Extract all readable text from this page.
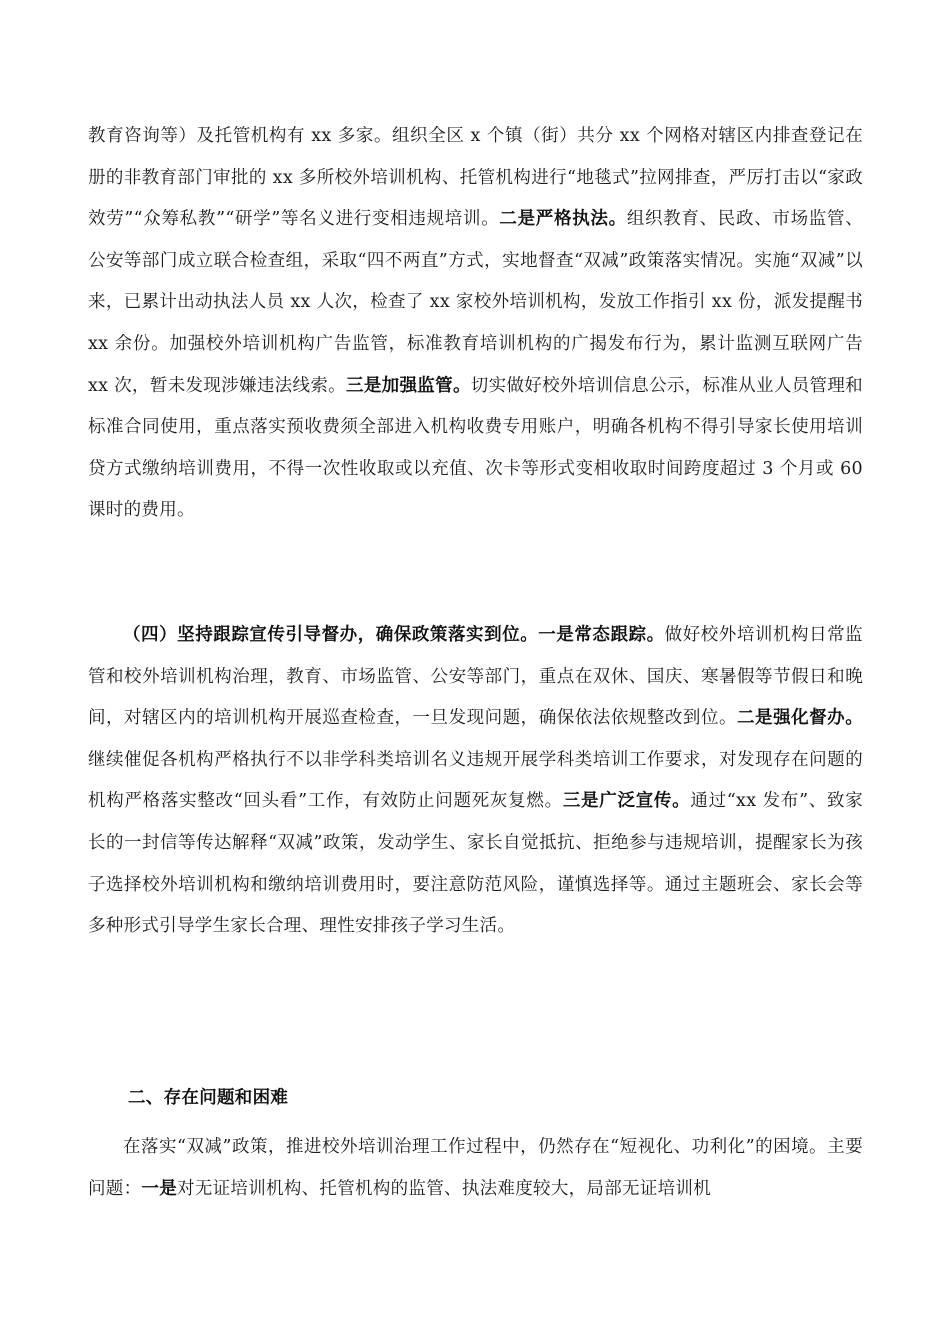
教育咨询等）及托管机构有 xx 多家。组织全区 x 个镇（街）共分 xx 个网格对辖区内排查登记在册的非教育部门审批的 xx 多所校外培训机构、托管机构进行“地毯式”拉网排查，严厉打击以“家政效劳”“众筹私教”“研学”等名义进行变相违规培训。二是严格执法。组织教育、民政、市场监管、公安等部门成立联合检查组，采取“四不两直”方式，实地督查“双减”政策落实情况。实施“双减”以来，已累计出动执法人员 xx 人次，检查了 xx 家校外培训机构，发放工作指引 xx 份，派发提醒书 xx 余份。加强校外培训机构广告监管，标准教育培训机构的广揭发布行为，累计监测互联网广告 xx 次，暂未发现涉嫌违法线索。三是加强监管。切实做好校外培训信息公示，标准从业人员管理和标准合同使用，重点落实预收费须全部进入机构收费专用账户，明确各机构不得引导家长使用培训贷方式缴纳培训费用，不得一次性收取或以充值、次卡等形式变相收取时间跨度超过 3 个月或 60 课时的费用。

（四）坚持跟踪宣传引导督办，确保政策落实到位。一是常态跟踪。做好校外培训机构日常监管和校外培训机构治理，教育、市场监管、公安等部门，重点在双休、国庆、寒暑假等节假日和晚间，对辖区内的培训机构开展巡查检查，一旦发现问题，确保依法依规整改到位。二是强化督办。继续催促各机构严格执行不以非学科类培训名义违规开展学科类培训工作要求，对发现存在问题的机构严格落实整改“回头看”工作，有效防止问题死灰复燃。三是广泛宣传。通过“xx 发布”、致家长的一封信等传达解释“双减”政策，发动学生、家长自觉抵抗、拒绝参与违规培训，提醒家长为孩子选择校外培训机构和缴纳培训费用时，要注意防范风险，谨慎选择等。通过主题班会、家长会等多种形式引导学生家长合理、理性安排孩子学习生活。

二、存在问题和困难

在落实“双减”政策，推进校外培训治理工作过程中，仍然存在“短视化、功利化”的困境。主要问题：一是对无证培训机构、托管机构的监管、执法难度较大，局部无证培训机
